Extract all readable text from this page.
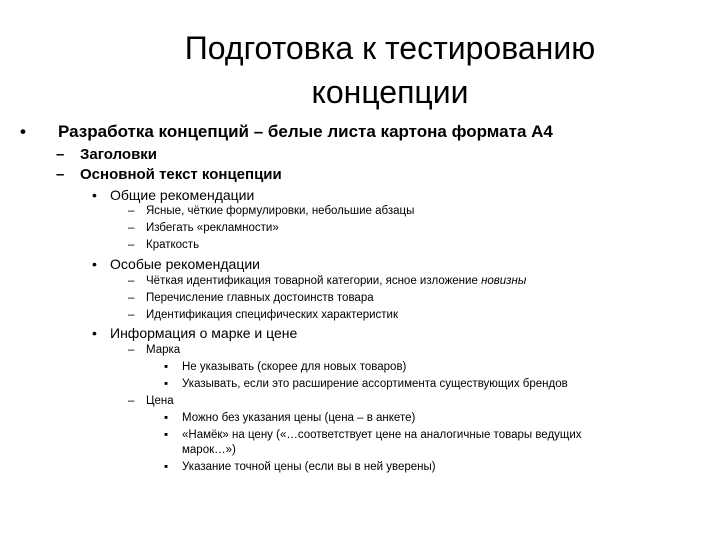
Подготовка к тестированию
концепции
• Разработка концепций – белые листа картона формата А4
– Заголовки
– Основной текст концепции
• Общие рекомендации
– Ясные, чёткие формулировки, небольшие абзацы
– Избегать «рекламности»
– Краткость
• Особые рекомендации
– Чёткая идентификация товарной категории, ясное изложение новизны
– Перечисление главных достоинств товара
– Идентификация специфических характеристик
• Информация о марке и цене
– Марка
▪ Не указывать (скорее для новых товаров)
▪ Указывать, если это расширение ассортимента существующих брендов
– Цена
▪ Можно без указания цены (цена – в анкете)
▪ «Намёк» на цену («…соответствует цене на аналогичные товары ведущих
марок…»)
▪ Указание точной цены (если вы в ней уверены)
